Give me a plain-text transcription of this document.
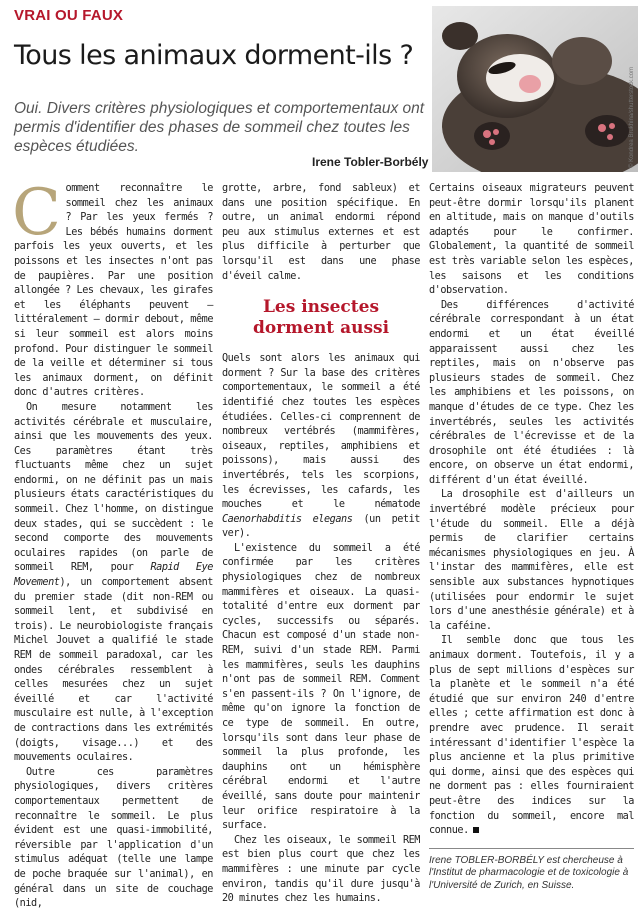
VRAI OU FAUX
Tous les animaux dorment-ils ?
Oui. Divers critères physiologiques et comportementaux ont permis d'identifier des phases de sommeil chez toutes les espèces étudiées.
Irene Tobler-Borbély	© Kondrea Brukhina/shutterstock.com

Comment reconnaître le sommeil chez les animaux ? Par les yeux fermés ? Les bébés humains dorment parfois les yeux ouverts, et les poissons et les insectes n'ont pas de paupières. Par une position allongée ? Les chevaux, les girafes et les éléphants peuvent – littéralement – dormir debout, même si leur sommeil est alors moins profond. Pour distinguer le sommeil de la veille et déterminer si tous les animaux dorment, on définit donc d'autres critères.

On mesure notamment les activités cérébrale et musculaire, ainsi que les mouvements des yeux. Ces paramètres étant très fluctuants même chez un sujet endormi, on ne définit pas un mais plusieurs états caractéristiques du sommeil. Chez l'homme, on distingue deux stades, qui se succèdent : le second comporte des mouvements oculaires rapides (on parle de sommeil REM, pour Rapid Eye Movement), un comportement absent du premier stade (dit non-REM ou sommeil lent, et subdivisé en trois). Le neurobiologiste français Michel Jouvet a qualifié le stade REM de sommeil paradoxal, car les ondes cérébrales ressemblent à celles mesurées chez un sujet éveillé et car l'activité musculaire est nulle, à l'exception de contractions dans les extrémités (doigts, visage...) et des mouvements oculaires.

Outre ces paramètres physiologiques, divers critères comportementaux permettent de reconnaître le sommeil. Le plus évident est une quasi-immobilité, réversible par l'application d'un stimulus adéquat (telle une lampe de poche braquée sur l'animal), en général dans un site de couchage (nid,

grotte, arbre, fond sableux) et dans une position spécifique. En outre, un animal endormi répond peu aux stimulus externes et est plus difficile à perturber que lorsqu'il est dans une phase d'éveil calme.

Les insectes dorment aussi

Quels sont alors les animaux qui dorment ? Sur la base des critères comportementaux, le sommeil a été identifié chez toutes les espèces étudiées. Celles-ci comprennent de nombreux vertébrés (mammifères, oiseaux, reptiles, amphibiens et poissons), mais aussi des invertébrés, tels les scorpions, les écrevisses, les cafards, les mouches et le nématode Caenorhabditis elegans (un petit ver).

L'existence du sommeil a été confirmée par les critères physiologiques chez de nombreux mammifères et oiseaux. La quasi-totalité d'entre eux dorment par cycles, successifs ou séparés. Chacun est composé d'un stade non-REM, suivi d'un stade REM. Parmi les mammifères, seuls les dauphins n'ont pas de sommeil REM. Comment s'en passent-ils ? On l'ignore, de même qu'on ignore la fonction de ce type de sommeil. En outre, lorsqu'ils sont dans leur phase de sommeil la plus profonde, les dauphins ont un hémisphère cérébral endormi et l'autre éveillé, sans doute pour maintenir leur orifice respiratoire à la surface.

Chez les oiseaux, le sommeil REM est bien plus court que chez les mammifères : une minute par cycle environ, tandis qu'il dure jusqu'à 20 minutes chez les humains.

Certains oiseaux migrateurs peuvent peut-être dormir lorsqu'ils planent en altitude, mais on manque d'outils adaptés pour le confirmer. Globalement, la quantité de sommeil est très variable selon les espèces, les saisons et les conditions d'observation.

Des différences d'activité cérébrale correspondant à un état endormi et un état éveillé apparaissent aussi chez les reptiles, mais on n'observe pas plusieurs stades de sommeil. Chez les amphibiens et les poissons, on manque d'études de ce type. Chez les invertébrés, seules les activités cérébrales de l'écrevisse et de la drosophile ont été étudiées : là encore, on observe un état endormi, différent d'un état éveillé.

La drosophile est d'ailleurs un invertébré modèle précieux pour l'étude du sommeil. Elle a déjà permis de clarifier certains mécanismes physiologiques en jeu. À l'instar des mammifères, elle est sensible aux substances hypnotiques (utilisées pour endormir le sujet lors d'une anesthésie générale) et à la caféine.

Il semble donc que tous les animaux dorment. Toutefois, il y a plus de sept millions d'espèces sur la planète et le sommeil n'a été étudié que sur environ 240 d'entre elles ; cette affirmation est donc à prendre avec prudence. Il serait intéressant d'identifier l'espèce la plus ancienne et la plus primitive qui dorme, ainsi que des espèces qui ne dorment pas : elles fourniraient peut-être des indices sur la fonction du sommeil, encore mal connue.

Irene TOBLER-BORBÉLY est chercheuse à l'Institut de pharmacologie et de toxicologie à l'Université de Zurich, en Suisse.
